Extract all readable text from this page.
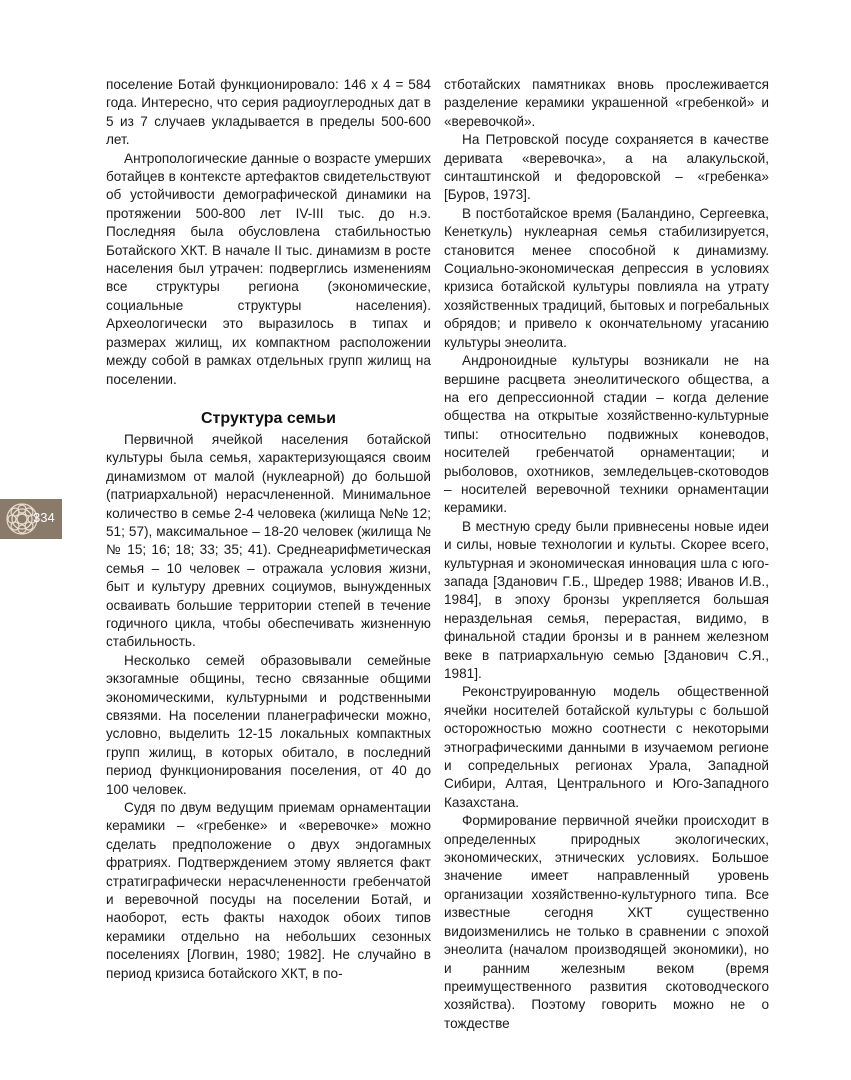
334

поселение Ботай функционировало: 146 х 4 = 584 года. Интересно, что серия радиоуглеродных дат в 5 из 7 случаев укладывается в пределы 500-600 лет.

Антропологические данные о возрасте умерших ботайцев в контексте артефактов свидетельствуют об устойчивости демографической динамики на протяжении 500-800 лет IV-III тыс. до н.э. Последняя была обусловлена стабильностью Ботайского ХКТ. В начале II тыс. динамизм в росте населения был утрачен: подверглись изменениям все структуры региона (экономические, социальные структуры населения). Археологически это выразилось в типах и размерах жилищ, их компактном расположении между собой в рамках отдельных групп жилищ на поселении.

Структура семьи

Первичной ячейкой населения ботайской культуры была семья, характеризующаяся своим динамизмом от малой (нуклеарной) до большой (патриархальной) нерасчлененной. Минимальное количество в семье 2-4 человека (жилища №№ 12; 51; 57), максимальное – 18-20 человек (жилища №№ 15; 16; 18; 33; 35; 41). Среднеарифметическая семья – 10 человек – отражала условия жизни, быт и культуру древних социумов, вынужденных осваивать большие территории степей в течение годичного цикла, чтобы обеспечивать жизненную стабильность.

Несколько семей образовывали семейные экзогамные общины, тесно связанные общими экономическими, культурными и родственными связями. На поселении планеграфически можно, условно, выделить 12-15 локальных компактных групп жилищ, в которых обитало, в последний период функционирования поселения, от 40 до 100 человек.

Судя по двум ведущим приемам орнаментации керамики – «гребенке» и «веревочке» можно сделать предположение о двух эндогамных фратриях. Подтверждением этому является факт стратиграфически нерасчлененности гребенчатой и веревочной посуды на поселении Ботай, и наоборот, есть факты находок обоих типов керамики отдельно на небольших сезонных поселениях [Логвин, 1980; 1982]. Не случайно в период кризиса ботайского ХКТ, в по-

стботайских памятниках вновь прослеживается разделение керамики украшенной «гребенкой» и «веревочкой».

На Петровской посуде сохраняется в качестве деривата «веревочка», а на алакульской, синташтинской и федоровской – «гребенка» [Буров, 1973].

В постботайское время (Баландино, Сергеевка, Кенеткуль) нуклеарная семья стабилизируется, становится менее способной к динамизму. Социально-экономическая депрессия в условиях кризиса ботайской культуры повлияла на утрату хозяйственных традиций, бытовых и погребальных обрядов; и привело к окончательному угасанию культуры энеолита.

Андроноидные культуры возникали не на вершине расцвета энеолитического общества, а на его депрессионной стадии – когда деление общества на открытые хозяйственно-культурные типы: относительно подвижных коневодов, носителей гребенчатой орнаментации; и рыболовов, охотников, земледельцев-скотоводов – носителей веревочной техники орнаментации керамики.

В местную среду были привнесены новые идеи и силы, новые технологии и культы. Скорее всего, культурная и экономическая инновация шла с юго-запада [Зданович Г.Б., Шредер 1988; Иванов И.В., 1984], в эпоху бронзы укрепляется большая нераздельная семья, перерастая, видимо, в финальной стадии бронзы и в раннем железном веке в патриархальную семью [Зданович С.Я., 1981].

Реконструированную модель общественной ячейки носителей ботайской культуры с большой осторожностью можно соотнести с некоторыми этнографическими данными в изучаемом регионе и сопредельных регионах Урала, Западной Сибири, Алтая, Центрального и Юго-Западного Казахстана.

Формирование первичной ячейки происходит в определенных природных экологических, экономических, этнических условиях. Большое значение имеет направленный уровень организации хозяйственно-культурного типа. Все известные сегодня ХКТ существенно видоизменились не только в сравнении с эпохой энеолита (началом производящей экономики), но и ранним железным веком (время преимущественного развития скотоводческого хозяйства). Поэтому говорить можно не о тождестве
